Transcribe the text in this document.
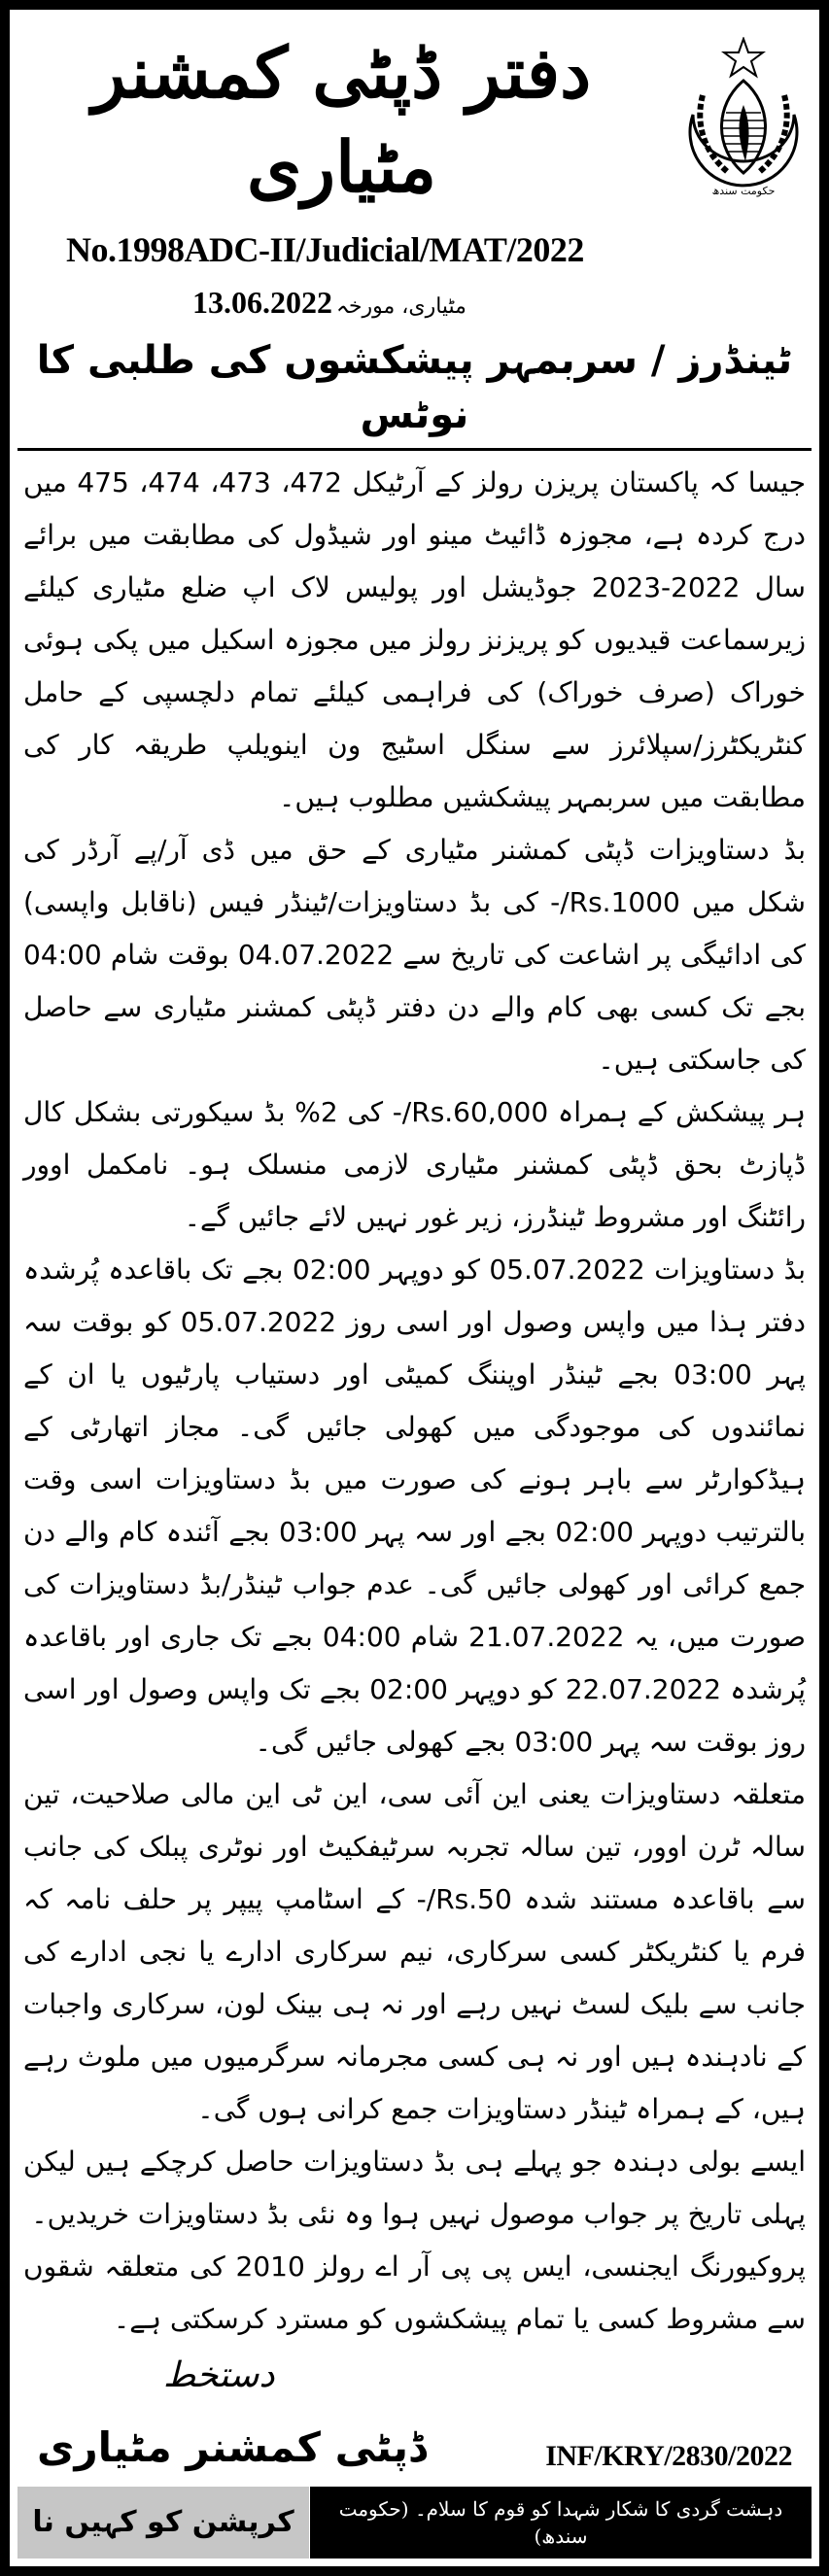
دفتر ڈپٹی کمشنر مٹیاری	حکومت سندھ
No.1998ADC-II/Judicial/MAT/2022
مٹیاری، مورخہ13.06.2022
ٹینڈرز / سربمہر پیشکشوں کی طلبی کا نوٹس

جیسا کہ پاکستان پریزن رولز کے آرٹیکل 472، 473، 474، 475 میں درج کردہ ہے، مجوزہ ڈائیٹ مینو اور شیڈول کی مطابقت میں برائے سال 2022-2023 جوڈیشل اور پولیس لاک اپ ضلع مٹیاری کیلئے زیرسماعت قیدیوں کو پریزنز رولز میں مجوزہ اسکیل میں پکی ہوئی خوراک (صرف خوراک) کی فراہمی کیلئے تمام دلچسپی کے حامل کنٹریکٹرز/سپلائرز سے سنگل اسٹیج ون اینویلپ طریقہ کار کی مطابقت میں سربمہر پیشکشیں مطلوب ہیں۔

بڈ دستاویزات ڈپٹی کمشنر مٹیاری کے حق میں ڈی آر/پے آرڈر کی شکل میں Rs.1000/- کی بڈ دستاویزات/ٹینڈر فیس (ناقابل واپسی) کی ادائیگی پر اشاعت کی تاریخ سے 04.07.2022 بوقت شام 04:00 بجے تک کسی بھی کام والے دن دفتر ڈپٹی کمشنر مٹیاری سے حاصل کی جاسکتی ہیں۔

ہر پیشکش کے ہمراہ Rs.60,000/- کی 2% بڈ سیکورتی بشکل کال ڈپازٹ بحق ڈپٹی کمشنر مٹیاری لازمی منسلک ہو۔ نامکمل اوور رائٹنگ اور مشروط ٹینڈرز، زیر غور نہیں لائے جائیں گے۔

بڈ دستاویزات 05.07.2022 کو دوپہر 02:00 بجے تک باقاعدہ پُرشدہ دفتر ہذا میں واپس وصول اور اسی روز 05.07.2022 کو بوقت سہ پہر 03:00 بجے ٹینڈر اوپننگ کمیٹی اور دستیاب پارٹیوں یا ان کے نمائندوں کی موجودگی میں کھولی جائیں گی۔ مجاز اتھارٹی کے ہیڈکوارٹر سے باہر ہونے کی صورت میں بڈ دستاویزات اسی وقت بالترتیب دوپہر 02:00 بجے اور سہ پہر 03:00 بجے آئندہ کام والے دن جمع کرائی اور کھولی جائیں گی۔ عدم جواب ٹینڈر/بڈ دستاویزات کی صورت میں، یہ 21.07.2022 شام 04:00 بجے تک جاری اور باقاعدہ پُرشدہ 22.07.2022 کو دوپہر 02:00 بجے تک واپس وصول اور اسی روز بوقت سہ پہر 03:00 بجے کھولی جائیں گی۔

متعلقہ دستاویزات یعنی این آئی سی، این ٹی این مالی صلاحیت، تین سالہ ٹرن اوور، تین سالہ تجربہ سرٹیفکیٹ اور نوٹری پبلک کی جانب سے باقاعدہ مستند شدہ Rs.50/- کے اسٹامپ پیپر پر حلف نامہ کہ فرم یا کنٹریکٹر کسی سرکاری، نیم سرکاری ادارے یا نجی ادارے کی جانب سے بلیک لسٹ نہیں رہے اور نہ ہی بینک لون، سرکاری واجبات کے نادہندہ ہیں اور نہ ہی کسی مجرمانہ سرگرمیوں میں ملوث رہے ہیں، کے ہمراہ ٹینڈر دستاویزات جمع کرانی ہوں گی۔

ایسے بولی دہندہ جو پہلے ہی بڈ دستاویزات حاصل کرچکے ہیں لیکن پہلی تاریخ پر جواب موصول نہیں ہوا وہ نئی بڈ دستاویزات خریدیں۔

پروکیورنگ ایجنسی، ایس پی پی آر اے رولز 2010 کی متعلقہ شقوں سے مشروط کسی یا تمام پیشکشوں کو مسترد کرسکتی ہے۔

دستخط
ڈپٹی کمشنر مٹیاری	INF/KRY/2830/2022
کرپشن کو کہیں نا	دہشت گردی کا شکار شہدا کو قوم کا سلام۔ (حکومت سندھ)
